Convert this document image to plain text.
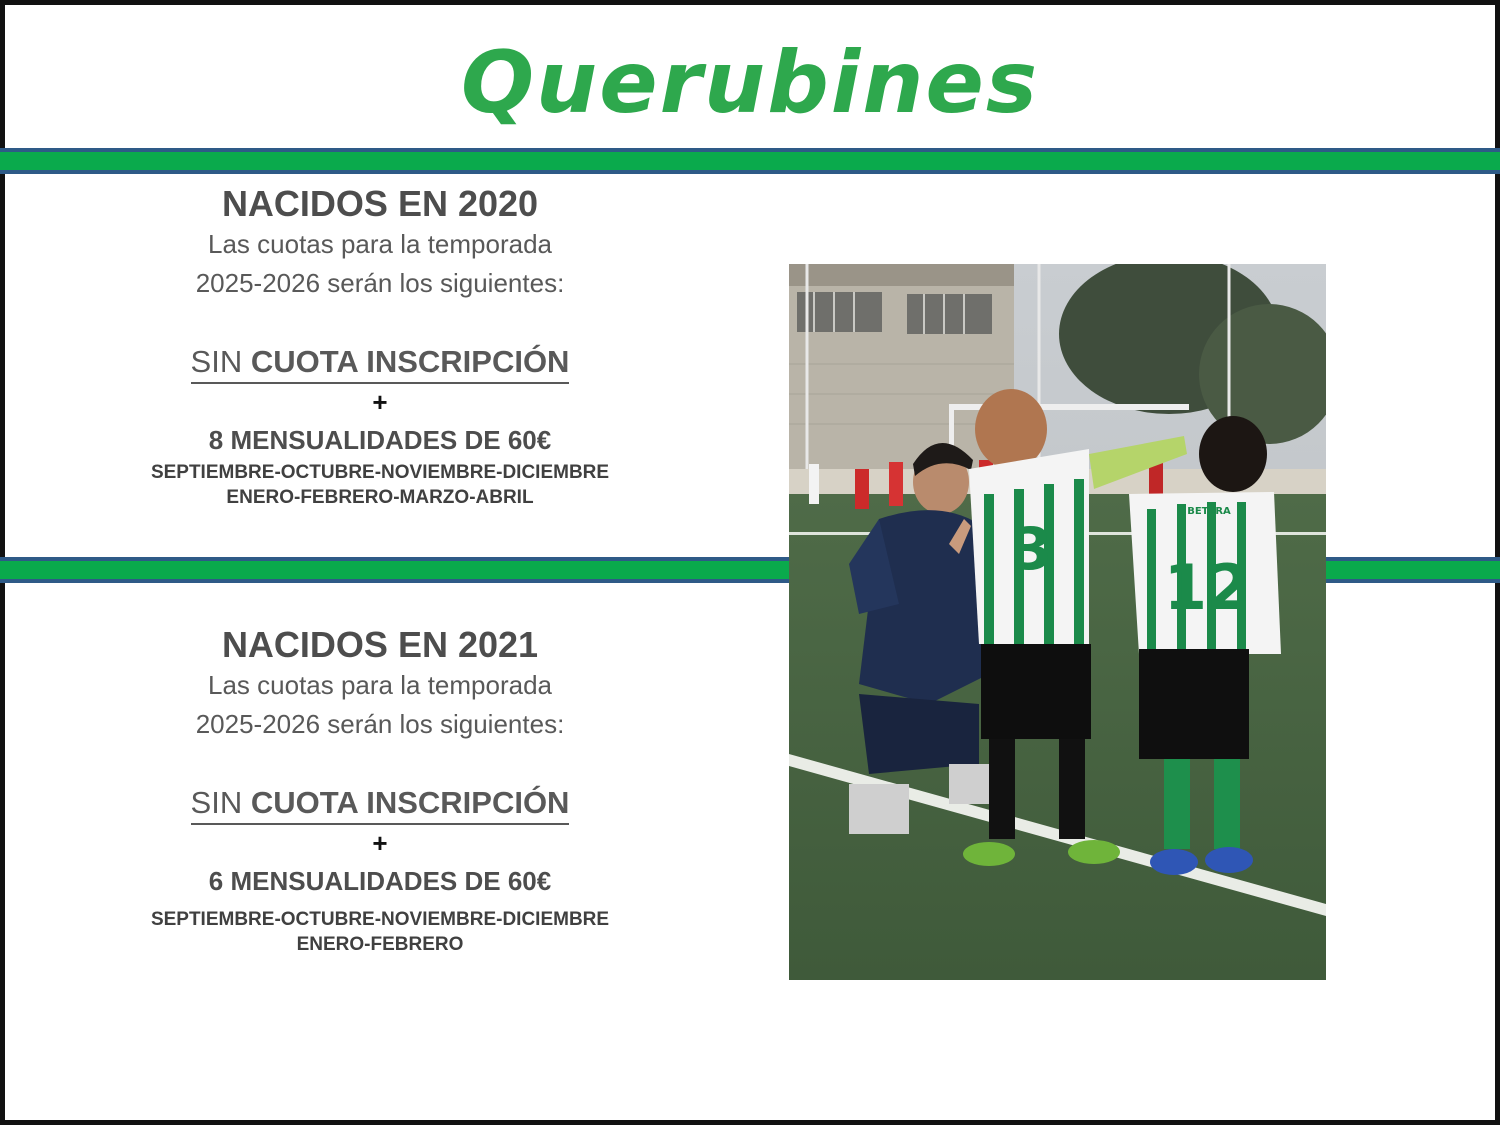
Querubines
NACIDOS EN 2020
Las cuotas para la temporada
2025-2026 serán los siguientes:
SIN CUOTA INSCRIPCIÓN
+
8 MENSUALIDADES DE 60€
SEPTIEMBRE-OCTUBRE-NOVIEMBRE-DICIEMBRE
ENERO-FEBRERO-MARZO-ABRIL
NACIDOS EN 2021
Las cuotas para la temporada
2025-2026 serán los siguientes:
SIN CUOTA INSCRIPCIÓN
+
6 MENSUALIDADES DE 60€
SEPTIEMBRE-OCTUBRE-NOVIEMBRE-DICIEMBRE
ENERO-FEBRERO
3
12
BETERA
